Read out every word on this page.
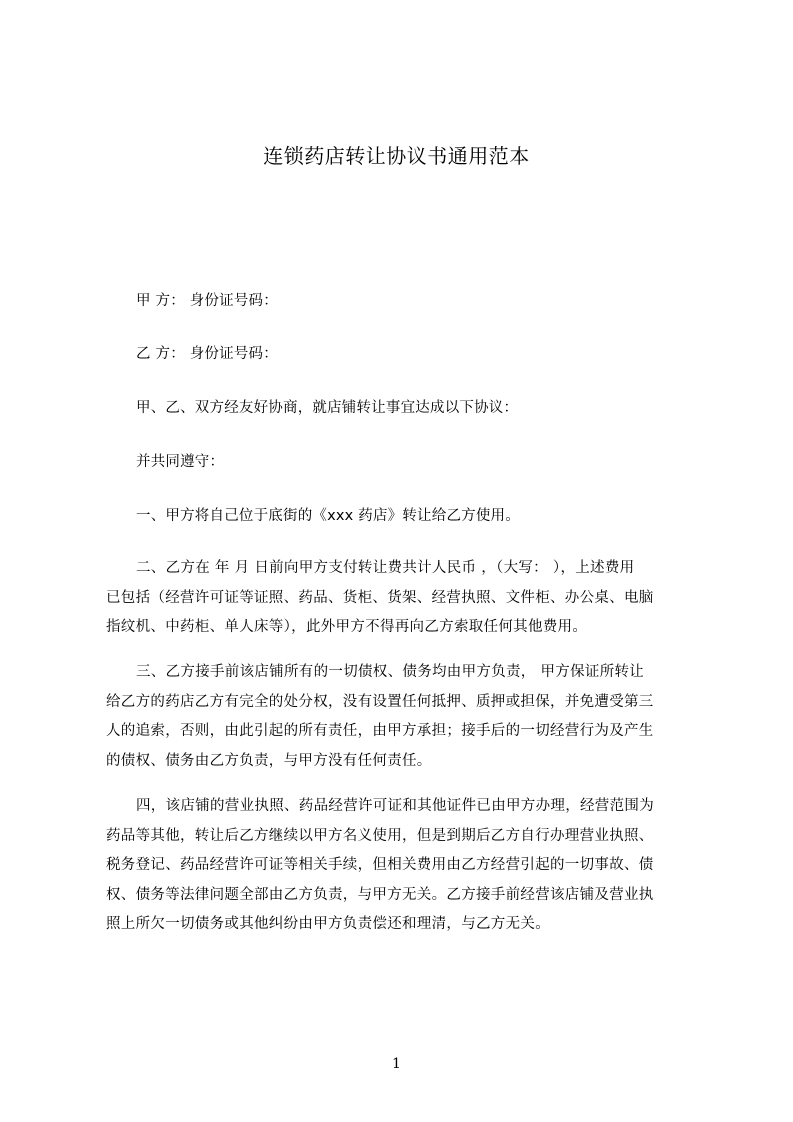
连锁药店转让协议书通用范本
甲 方： 身份证号码：
乙 方： 身份证号码：
甲、乙、双方经友好协商，就店铺转让事宜达成以下协议：
并共同遵守：
一、甲方将自己位于底街的《xxx 药店》转让给乙方使用。
二、乙方在 年 月 日前向甲方支付转让费共计人民币 ，（大写： ），上述费用
已包括（经营许可证等证照、药品、货柜、货架、经营执照、文件柜、办公桌、电脑
指纹机、中药柜、单人床等），此外甲方不得再向乙方索取任何其他费用。
三、乙方接手前该店铺所有的一切债权、债务均由甲方负责， 甲方保证所转让
给乙方的药店乙方有完全的处分权，没有设置任何抵押、质押或担保，并免遭受第三
人的追索，否则，由此引起的所有责任，由甲方承担；接手后的一切经营行为及产生
的债权、债务由乙方负责，与甲方没有任何责任。
四，该店铺的营业执照、药品经营许可证和其他证件已由甲方办理，经营范围为
药品等其他，转让后乙方继续以甲方名义使用，但是到期后乙方自行办理营业执照、
税务登记、药品经营许可证等相关手续，但相关费用由乙方经营引起的一切事故、债
权、债务等法律问题全部由乙方负责，与甲方无关。乙方接手前经营该店铺及营业执
照上所欠一切债务或其他纠纷由甲方负责偿还和理清，与乙方无关。
1
